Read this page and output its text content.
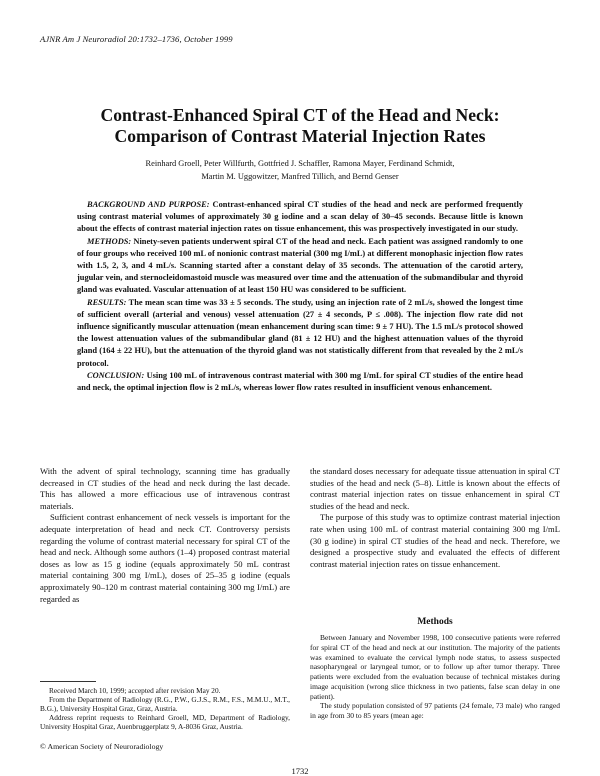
AJNR Am J Neuroradiol 20:1732–1736, October 1999
Contrast-Enhanced Spiral CT of the Head and Neck:
Comparison of Contrast Material Injection Rates
Reinhard Groell, Peter Willfurth, Gottfried J. Schaffler, Ramona Mayer, Ferdinand Schmidt,
Martin M. Uggowitzer, Manfred Tillich, and Bernd Genser

BACKGROUND AND PURPOSE: Contrast-enhanced spiral CT studies of the head and neck are performed frequently using contrast material volumes of approximately 30 g iodine and a scan delay of 30–45 seconds. Because little is known about the effects of contrast material injection rates on tissue enhancement, this was prospectively investigated in our study.

METHODS: Ninety-seven patients underwent spiral CT of the head and neck. Each patient was assigned randomly to one of four groups who received 100 mL of nonionic contrast material (300 mg I/mL) at different monophasic injection flow rates with 1.5, 2, 3, and 4 mL/s. Scanning started after a constant delay of 35 seconds. The attenuation of the carotid artery, jugular vein, and sternocleidomastoid muscle was measured over time and the attenuation of the submandibular and thyroid gland was evaluated. Vascular attenuation of at least 150 HU was considered to be sufficient.

RESULTS: The mean scan time was 33 ± 5 seconds. The study, using an injection rate of 2 mL/s, showed the longest time of sufficient overall (arterial and venous) vessel attenuation (27 ± 4 seconds, P ≤ .008). The injection flow rate did not influence significantly muscular attenuation (mean enhancement during scan time: 9 ± 7 HU). The 1.5 mL/s protocol showed the lowest attenuation values of the submandibular gland (81 ± 12 HU) and the highest attenuation values of the thyroid gland (164 ± 22 HU), but the attenuation of the thyroid gland was not statistically different from that revealed by the 2 mL/s protocol.

CONCLUSION: Using 100 mL of intravenous contrast material with 300 mg I/mL for spiral CT studies of the entire head and neck, the optimal injection flow is 2 mL/s, whereas lower flow rates resulted in insufficient venous enhancement.

With the advent of spiral technology, scanning time has gradually decreased in CT studies of the head and neck during the last decade. This has allowed a more efficacious use of intravenous contrast materials.

Sufficient contrast enhancement of neck vessels is important for the adequate interpretation of head and neck CT. Controversy persists regarding the volume of contrast material necessary for spiral CT of the head and neck. Although some authors (1–4) proposed contrast material doses as low as 15 g iodine (equals approximately 50 mL contrast material containing 300 mg I/mL), doses of 25–35 g iodine (equals approximately 90–120 m contrast material containing 300 mg I/mL) are regarded as

the standard doses necessary for adequate tissue attenuation in spiral CT studies of the head and neck (5–8). Little is known about the effects of contrast material injection rates on tissue enhancement in spiral CT studies of the head and neck.

The purpose of this study was to optimize contrast material injection rate when using 100 mL of contrast material containing 300 mg I/mL (30 g iodine) in spiral CT studies of the head and neck. Therefore, we designed a prospective study and evaluated the effects of different contrast material injection rates on tissue enhancement.

Methods

Between January and November 1998, 100 consecutive patients were referred for spiral CT of the head and neck at our institution. The majority of the patients was examined to evaluate the cervical lymph node status, to assess suspected nasopharyngeal or laryngeal tumor, or to follow up after tumor therapy. Three patients were excluded from the evaluation because of technical mistakes during image acquisition (wrong slice thickness in two patients, false scan delay in one patient).

The study population consisted of 97 patients (24 female, 73 male) who ranged in age from 30 to 85 years (mean age:

Received March 10, 1999; accepted after revision May 20.

From the Department of Radiology (R.G., P.W., G.J.S., R.M., F.S., M.M.U., M.T., B.G.), University Hospital Graz, Graz, Austria.

Address reprint requests to Reinhard Groell, MD, Department of Radiology, University Hospital Graz, Auenbruggerplatz 9, A-8036 Graz, Austria.

© American Society of Neuroradiology
1732
